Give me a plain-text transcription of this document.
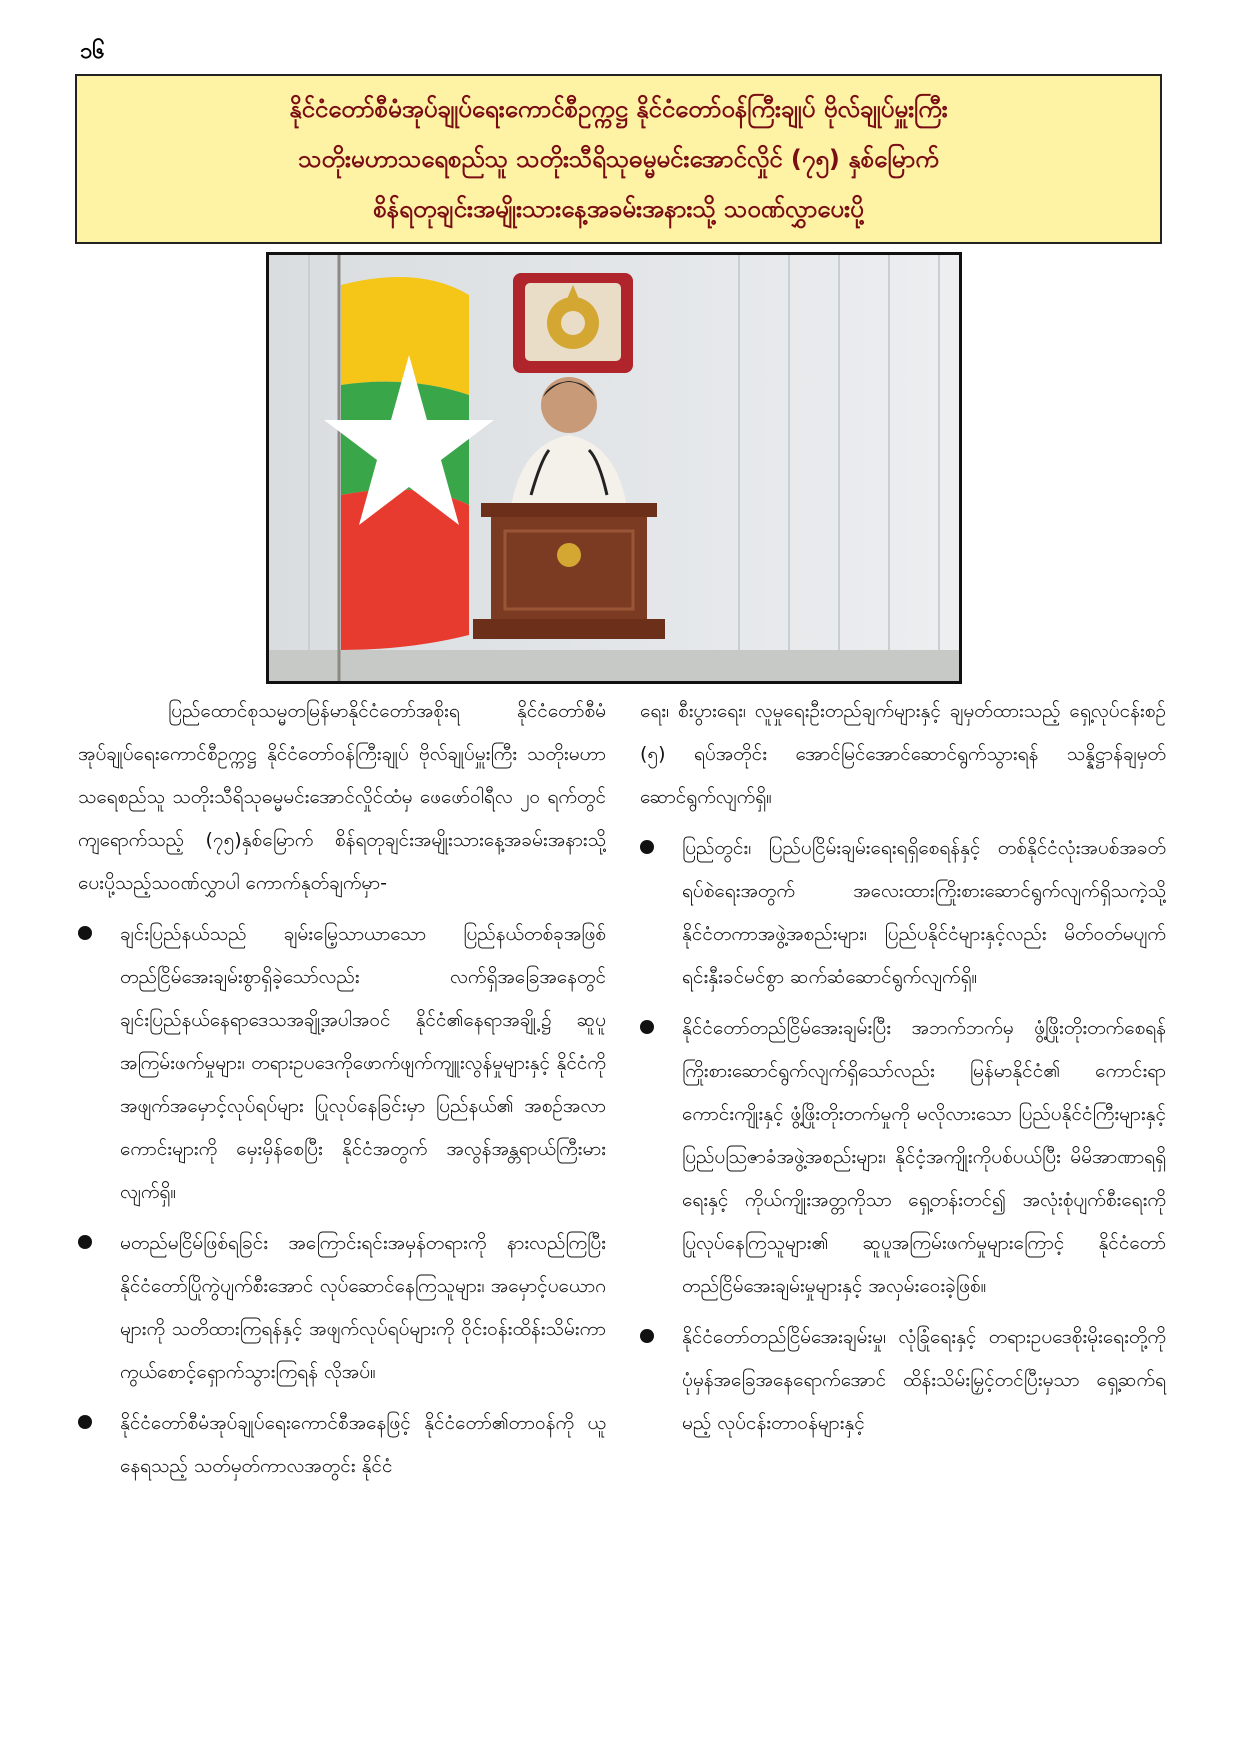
၁၆
နိုင်ငံတော်စီမံအုပ်ချုပ်ရေးကောင်စီဥက္ကဋ္ဌ နိုင်ငံတော်ဝန်ကြီးချုပ် ဗိုလ်ချုပ်မှူးကြီး
သတိုးမဟာသရေစည်သူ သတိုးသီရိသုဓမ္မမင်းအောင်လှိုင် (၇၅) နှစ်မြောက်
စိန်ရတုချင်းအမျိုးသားနေ့အခမ်းအနားသို့ သဝဏ်လွှာပေးပို့

ပြည်ထောင်စုသမ္မတမြန်မာနိုင်ငံတော်အစိုးရ နိုင်ငံတော်စီမံအုပ်ချုပ်ရေးကောင်စီဥက္ကဋ္ဌ နိုင်ငံတော်ဝန်ကြီးချုပ် ဗိုလ်ချုပ်မှူးကြီး သတိုးမဟာသရေစည်သူ သတိုးသီရိသုဓမ္မမင်းအောင်လှိုင်ထံမှ ဖေဖော်ဝါရီလ ၂၀ ရက်တွင် ကျရောက်သည့် (၇၅)နှစ်မြောက် စိန်ရတုချင်းအမျိုးသားနေ့အခမ်းအနားသို့ ပေးပို့သည့်သဝဏ်လွှာပါ ကောက်နုတ်ချက်မှာ-

ချင်းပြည်နယ်သည် ချမ်းမြေ့သာယာသော ပြည်နယ်တစ်ခုအဖြစ် တည်ငြိမ်အေးချမ်းစွာရှိခဲ့သော်လည်း လက်ရှိအခြေအနေတွင် ချင်းပြည်နယ်နေရာဒေသအချို့အပါအဝင် နိုင်ငံ၏နေရာအချို့၌ ဆူပူအကြမ်းဖက်မှုများ၊ တရားဥပဒေကိုဖောက်ဖျက်ကျူးလွန်မှုများနှင့် နိုင်ငံကို အဖျက်အမှောင့်လုပ်ရပ်များ ပြုလုပ်နေခြင်းမှာ ပြည်နယ်၏ အစဉ်အလာကောင်းများကို မှေးမှိန်စေပြီး နိုင်ငံအတွက် အလွန်အန္တရာယ်ကြီးမားလျက်ရှိ။
မတည်မငြိမ်ဖြစ်ရခြင်း အကြောင်းရင်းအမှန်တရားကို နားလည်ကြပြီး နိုင်ငံတော်ပြိုကွဲပျက်စီးအောင် လုပ်ဆောင်နေကြသူများ၊ အမှောင့်ပယောဂများကို သတိထားကြရန်နှင့် အဖျက်လုပ်ရပ်များကို ဝိုင်းဝန်းထိန်းသိမ်းကာကွယ်စောင့်ရှောက်သွားကြရန် လိုအပ်။
နိုင်ငံတော်စီမံအုပ်ချုပ်ရေးကောင်စီအနေဖြင့် နိုင်ငံတော်၏တာဝန်ကို ယူနေရသည့် သတ်မှတ်ကာလအတွင်း နိုင်ငံ

ရေး၊ စီးပွားရေး၊ လူမှုရေးဦးတည်ချက်များနှင့် ချမှတ်ထားသည့် ရှေ့လုပ်ငန်းစဉ် (၅) ရပ်အတိုင်း အောင်မြင်အောင်ဆောင်ရွက်သွားရန် သန္နိဋ္ဌာန်ချမှတ်ဆောင်ရွက်လျက်ရှိ။

ပြည်တွင်း၊ ပြည်ပငြိမ်းချမ်းရေးရရှိစေရန်နှင့် တစ်နိုင်ငံလုံးအပစ်အခတ်ရပ်စဲရေးအတွက် အလေးထားကြိုးစားဆောင်ရွက်လျက်ရှိသကဲ့သို့ နိုင်ငံတကာအဖွဲ့အစည်းများ၊ ပြည်ပနိုင်ငံများနှင့်လည်း မိတ်ဝတ်မပျက် ရင်းနှီးခင်မင်စွာ ဆက်ဆံဆောင်ရွက်လျက်ရှိ။
နိုင်ငံတော်တည်ငြိမ်အေးချမ်းပြီး အဘက်ဘက်မှ ဖွံ့ဖြိုးတိုးတက်စေရန် ကြိုးစားဆောင်ရွက်လျက်ရှိသော်လည်း မြန်မာနိုင်ငံ၏ ကောင်းရာကောင်းကျိုးနှင့် ဖွံ့ဖြိုးတိုးတက်မှုကို မလိုလားသော ပြည်ပနိုင်ငံကြီးများနှင့် ပြည်ပသြဇာခံအဖွဲ့အစည်းများ၊ နိုင်ငံ့အကျိုးကိုပစ်ပယ်ပြီး မိမိအာဏာရရှိရေးနှင့် ကိုယ်ကျိုးအတ္တကိုသာ ရှေ့တန်းတင်၍ အလုံးစုံပျက်စီးရေးကို ပြုလုပ်နေကြသူများ၏ ဆူပူအကြမ်းဖက်မှုများကြောင့် နိုင်ငံတော်တည်ငြိမ်အေးချမ်းမှုများနှင့် အလှမ်းဝေးခဲ့ဖြစ်။
နိုင်ငံတော်တည်ငြိမ်အေးချမ်းမှု၊ လုံခြုံရေးနှင့် တရားဥပဒေစိုးမိုးရေးတို့ကို ပုံမှန်အခြေအနေရောက်အောင် ထိန်းသိမ်းမြှင့်တင်ပြီးမှသာ ရှေ့ဆက်ရမည့် လုပ်ငန်းတာဝန်များနှင့်
